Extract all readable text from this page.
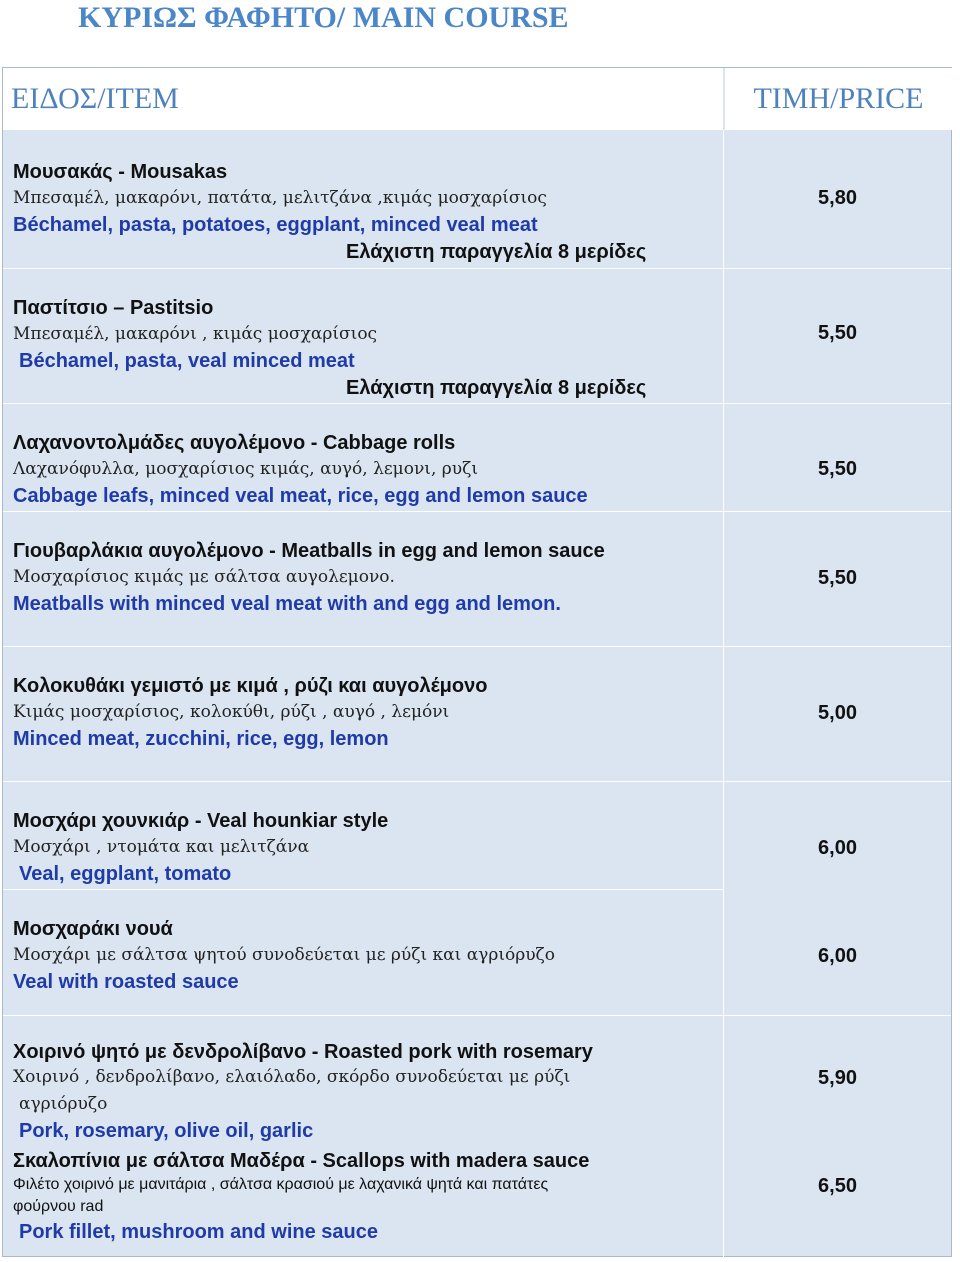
ΚΥΡΙΩΣ ΦΑΦΗΤΟ/ MAIN COURSE
ΕΙΔΟΣ/ITEM	TIMH/PRICE
Μουσακάς - Mousakas
Μπεσαμέλ, μακαρόνι, πατάτα, μελιτζάνα ,κιμάς μοσχαρίσιος
Béchamel, pasta, potatoes, eggplant, minced veal meat
Ελάχιστη παραγγελία 8 μερίδες
5,80
Παστίτσιο – Pastitsio
Μπεσαμέλ, μακαρόνι , κιμάς μοσχαρίσιος
Béchamel, pasta, veal minced meat
Ελάχιστη παραγγελία 8 μερίδες
5,50
Λαχανοντολμάδες αυγολέμονο - Cabbage rolls
Λαχανόφυλλα, μοσχαρίσιος κιμάς, αυγό, λεμονι, ρυζι
Cabbage leafs, minced veal meat, rice, egg and lemon sauce
5,50
Γιουβαρλάκια αυγολέμονο - Meatballs in egg and lemon sauce
Μοσχαρίσιος κιμάς με σάλτσα αυγολεμονο.
Meatballs with minced veal meat with and egg and lemon.
5,50
Κολοκυθάκι γεμιστό με κιμά , ρύζι και αυγολέμονο
Κιμάς μοσχαρίσιος, κολοκύθι, ρύζι , αυγό , λεμόνι
Minced meat, zucchini, rice, egg, lemon
5,00
Μοσχάρι χουνκιάρ - Veal hounkiar style
Μοσχάρι , ντομάτα και μελιτζάνα
Veal, eggplant, tomato
6,00
Μοσχαράκι νουά
Μοσχάρι με σάλτσα ψητού συνοδεύεται με ρύζι και αγριόρυζο
Veal with roasted sauce
6,00
Χοιρινό ψητό με δενδρολίβανο - Roasted pork with rosemary
Χοιρινό , δενδρολίβανο, ελαιόλαδο, σκόρδο συνοδεύεται με ρύζι
αγριόρυζο
Pork, rosemary, olive oil, garlic
5,90
Σκαλοπίνια με σάλτσα Μαδέρα - Scallops with madera sauce
Φιλέτο χοιρινό με μανιτάρια , σάλτσα κρασιού με λαχανικά ψητά και πατάτες
φούρνου rad
Pork fillet, mushroom and wine sauce
6,50
